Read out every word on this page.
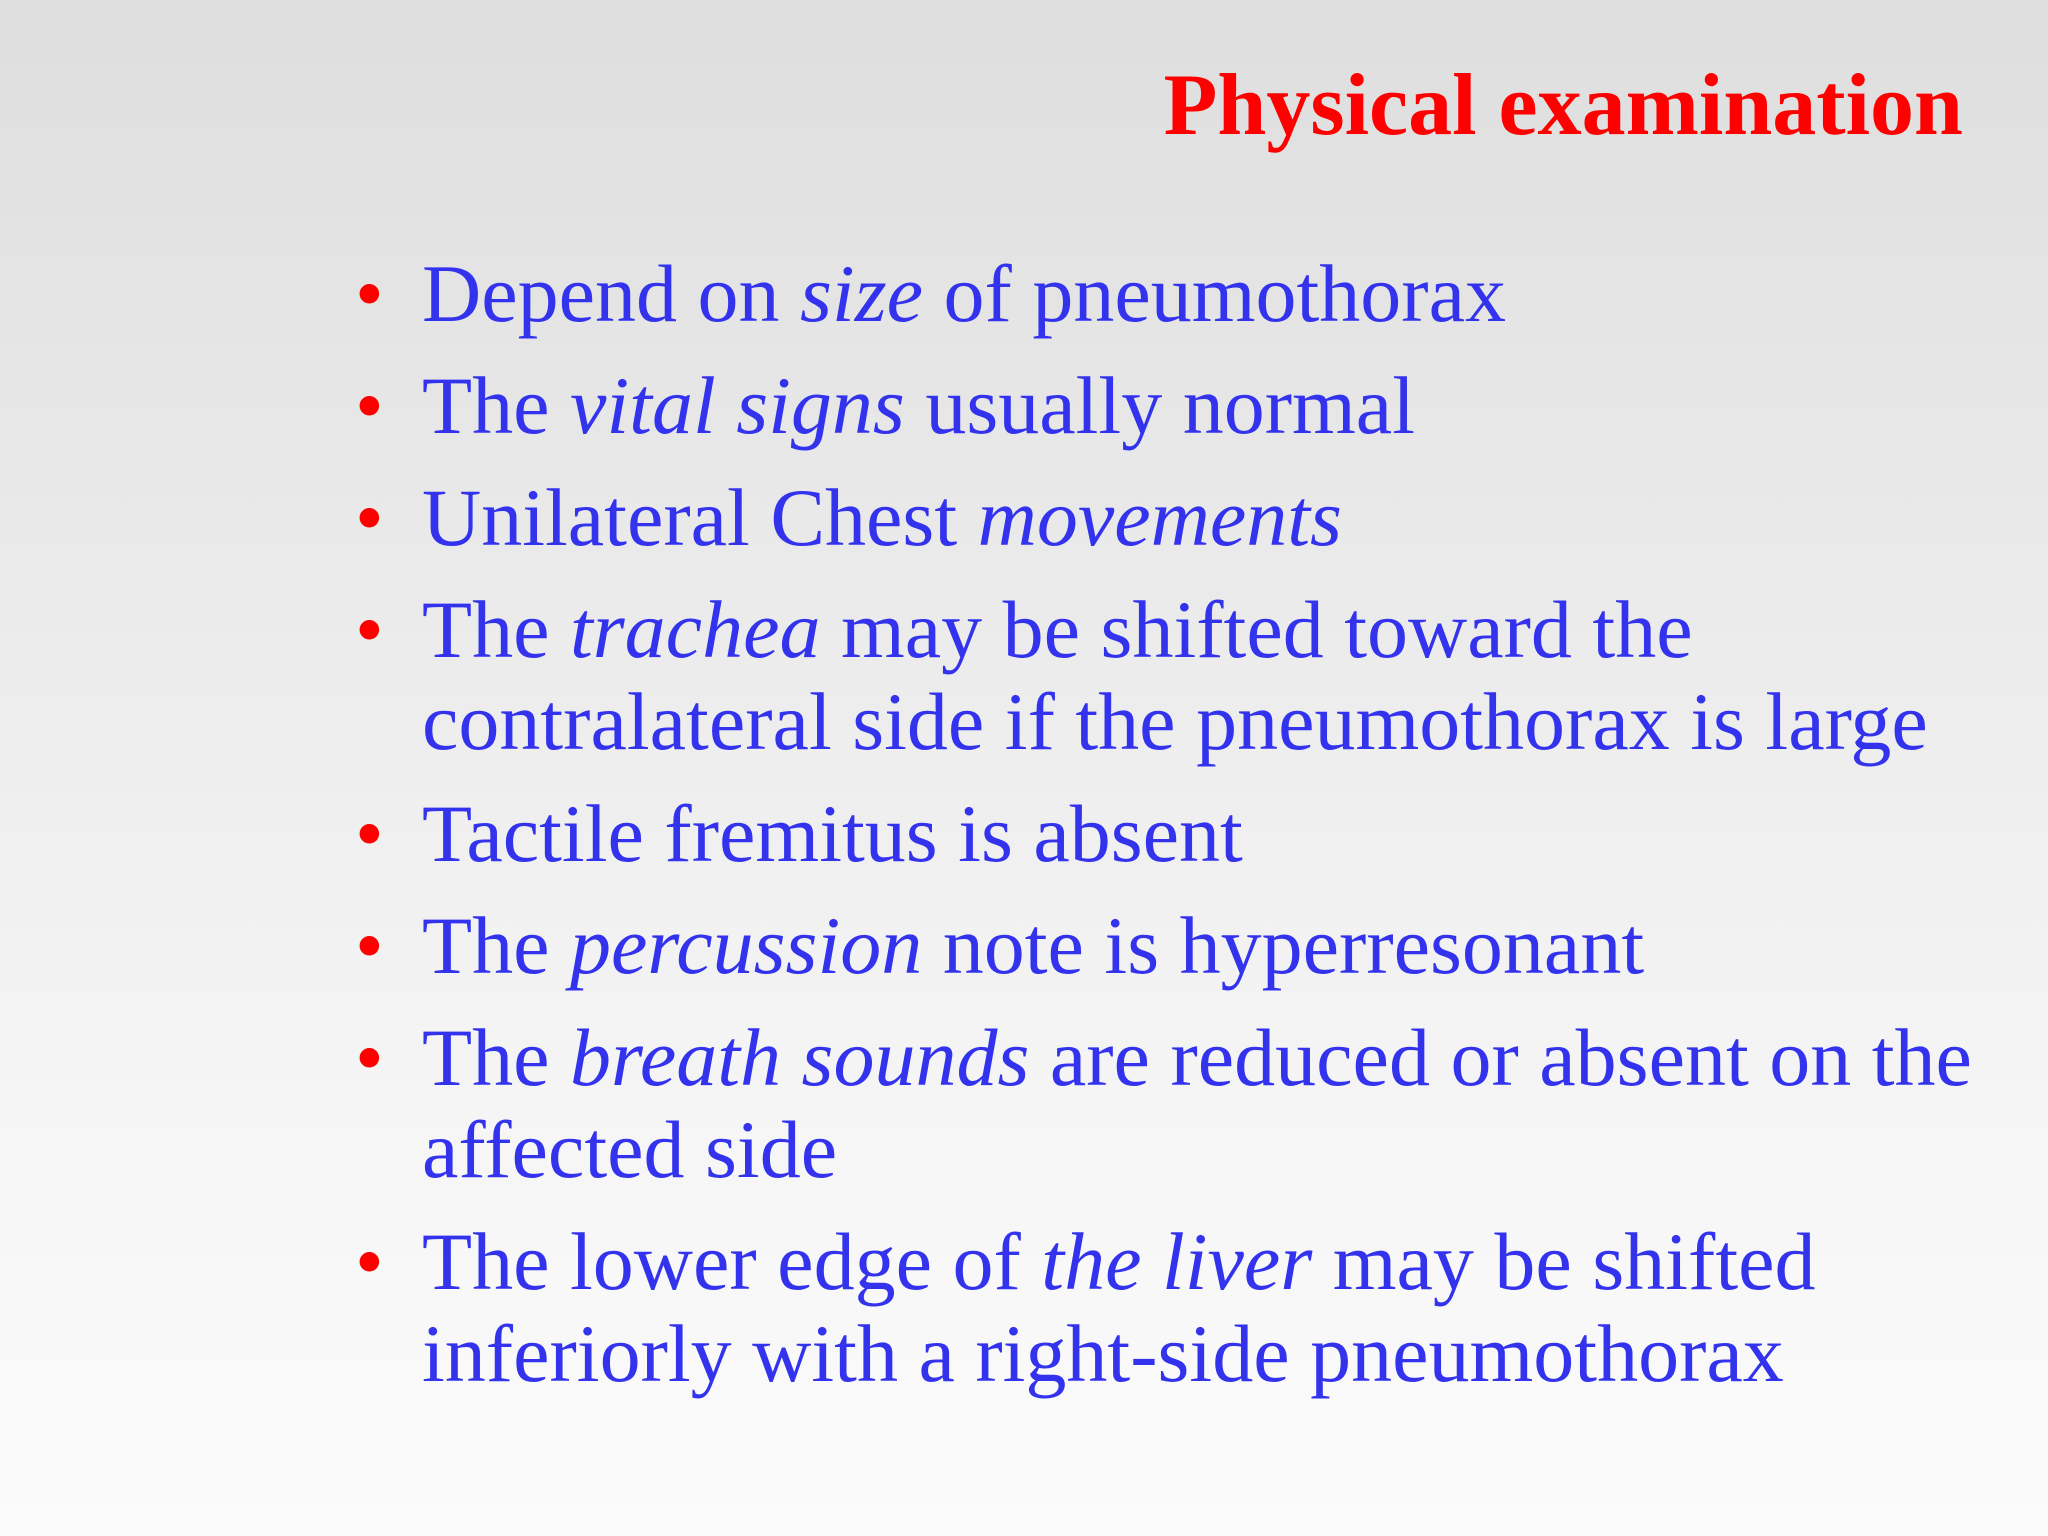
Physical examination
• Depend on size of pneumothorax
• The vital signs usually normal
• Unilateral Chest movements
• The trachea may be shifted toward the contralateral side if the pneumothorax is large
• Tactile fremitus is absent
• The percussion note is hyperresonant
• The breath sounds are reduced or absent on the affected side
• The lower edge of the liver may be shifted inferiorly with a right-side pneumothorax
